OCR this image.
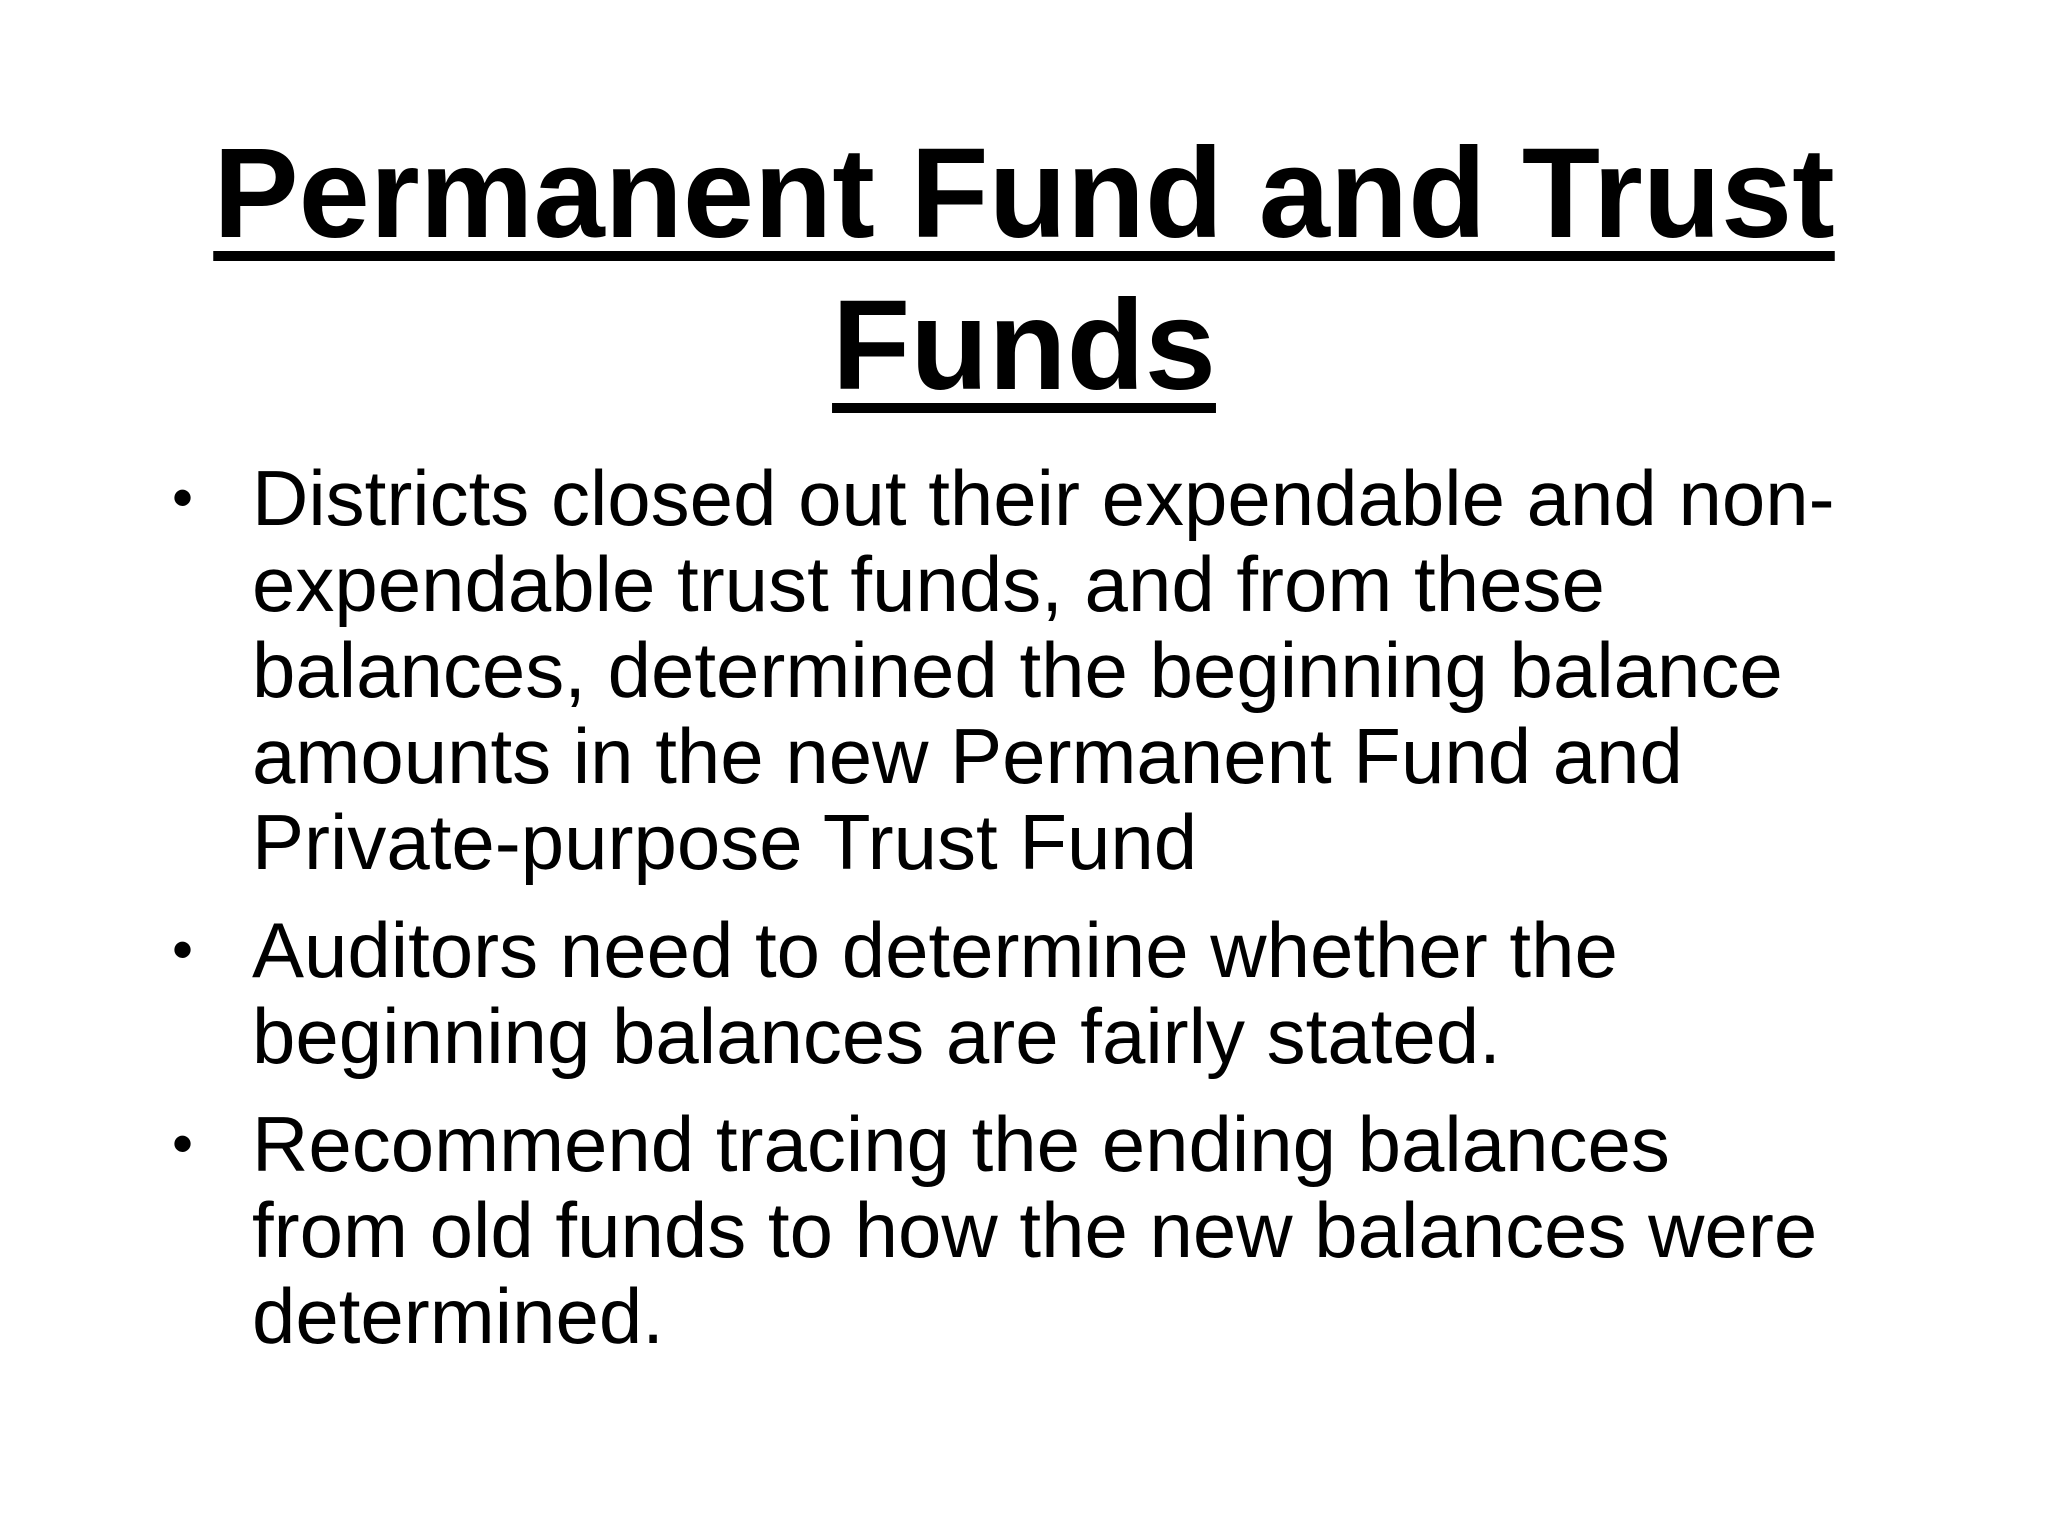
Permanent Fund and Trust
Funds
• Districts closed out their expendable and non-
expendable trust funds, and from these
balances, determined the beginning balance
amounts in the new Permanent Fund and
Private-purpose Trust Fund
• Auditors need to determine whether the
beginning balances are fairly stated.
• Recommend tracing the ending balances
from old funds to how the new balances were
determined.
